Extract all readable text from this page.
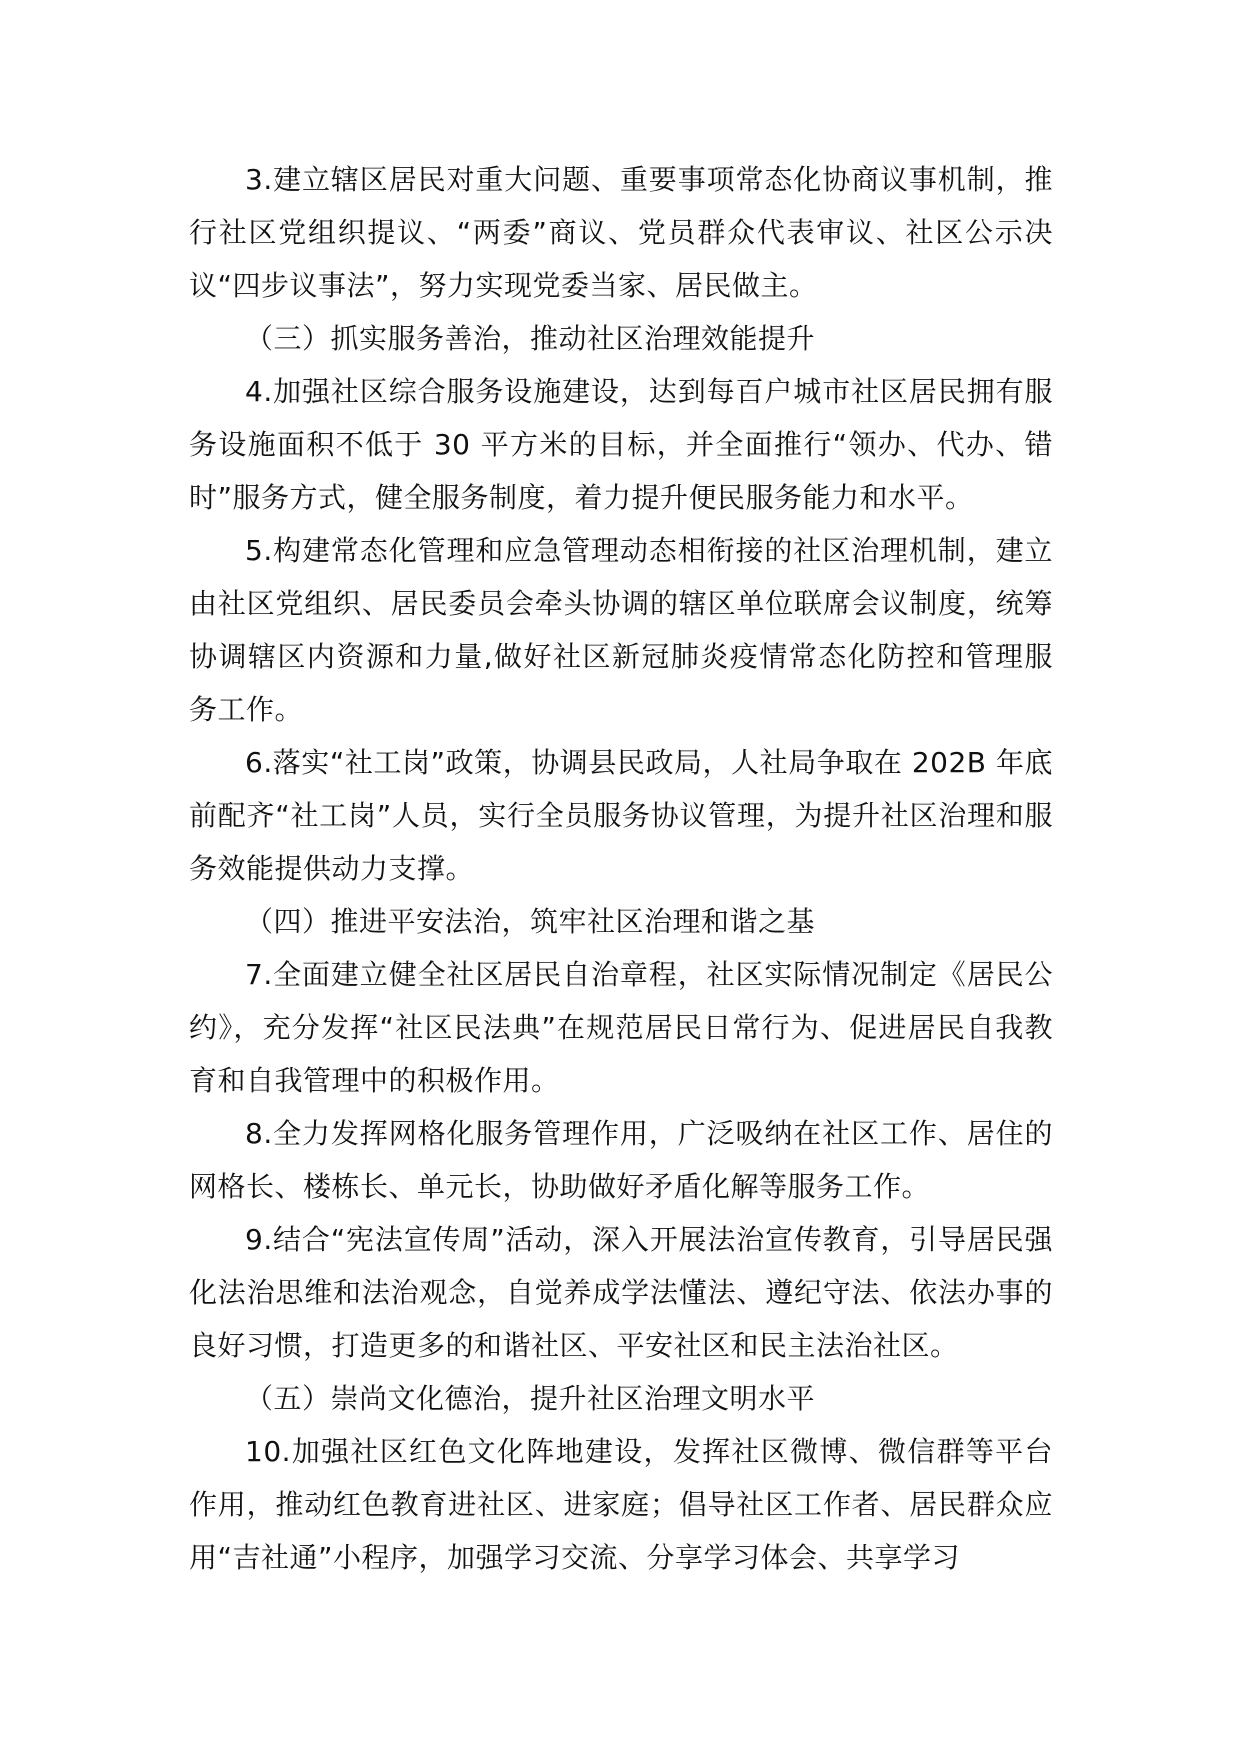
3.建立辖区居民对重大问题、重要事项常态化协商议事机制，推行社区党组织提议、“两委”商议、党员群众代表审议、社区公示决议“四步议事法”，努力实现党委当家、居民做主。

（三）抓实服务善治，推动社区治理效能提升

4.加强社区综合服务设施建设，达到每百户城市社区居民拥有服务设施面积不低于 30 平方米的目标，并全面推行“领办、代办、错时”服务方式，健全服务制度，着力提升便民服务能力和水平。

5.构建常态化管理和应急管理动态相衔接的社区治理机制，建立由社区党组织、居民委员会牵头协调的辖区单位联席会议制度，统筹协调辖区内资源和力量,做好社区新冠肺炎疫情常态化防控和管理服务工作。

6.落实“社工岗”政策，协调县民政局，人社局争取在 202B 年底前配齐“社工岗”人员，实行全员服务协议管理，为提升社区治理和服务效能提供动力支撑。

（四）推进平安法治，筑牢社区治理和谐之基

7.全面建立健全社区居民自治章程，社区实际情况制定《居民公约》，充分发挥“社区民法典”在规范居民日常行为、促进居民自我教育和自我管理中的积极作用。

8.全力发挥网格化服务管理作用，广泛吸纳在社区工作、居住的网格长、楼栋长、单元长，协助做好矛盾化解等服务工作。

9.结合“宪法宣传周”活动，深入开展法治宣传教育，引导居民强化法治思维和法治观念，自觉养成学法懂法、遵纪守法、依法办事的良好习惯，打造更多的和谐社区、平安社区和民主法治社区。

（五）崇尚文化德治，提升社区治理文明水平

10.加强社区红色文化阵地建设，发挥社区微博、微信群等平台作用，推动红色教育进社区、进家庭；倡导社区工作者、居民群众应用“吉社通”小程序，加强学习交流、分享学习体会、共享学习
